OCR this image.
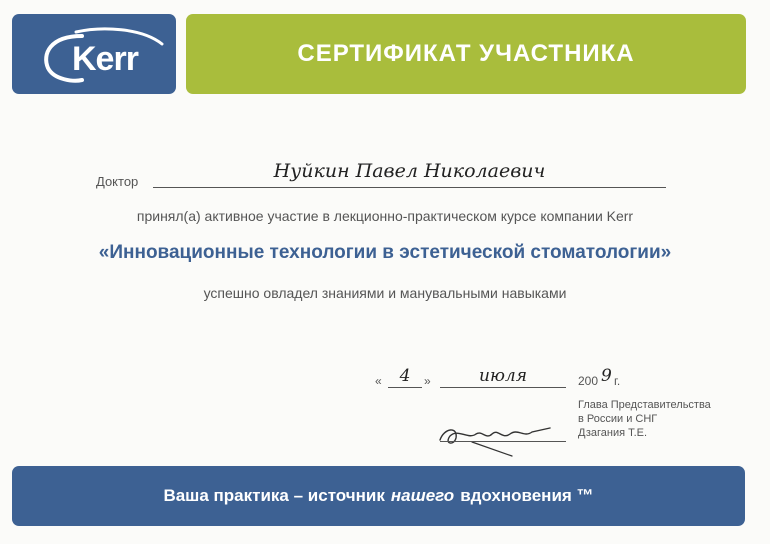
Kerr	СЕРТИФИКАТ УЧАСТНИКА
Доктор	Нуйкин Павел Николаевич
принял(а) активное участие в лекционно-практическом курсе компании Kerr
«Инновационные технологии в эстетической стоматологии»
успешно овладел знаниями и манувальными навыками
«	4	»	июля	200 9 г.
Глава Представительства
в России и СНГ
Дзагания Т.Е.
Ваша практика – источник нашего вдохновения ™
